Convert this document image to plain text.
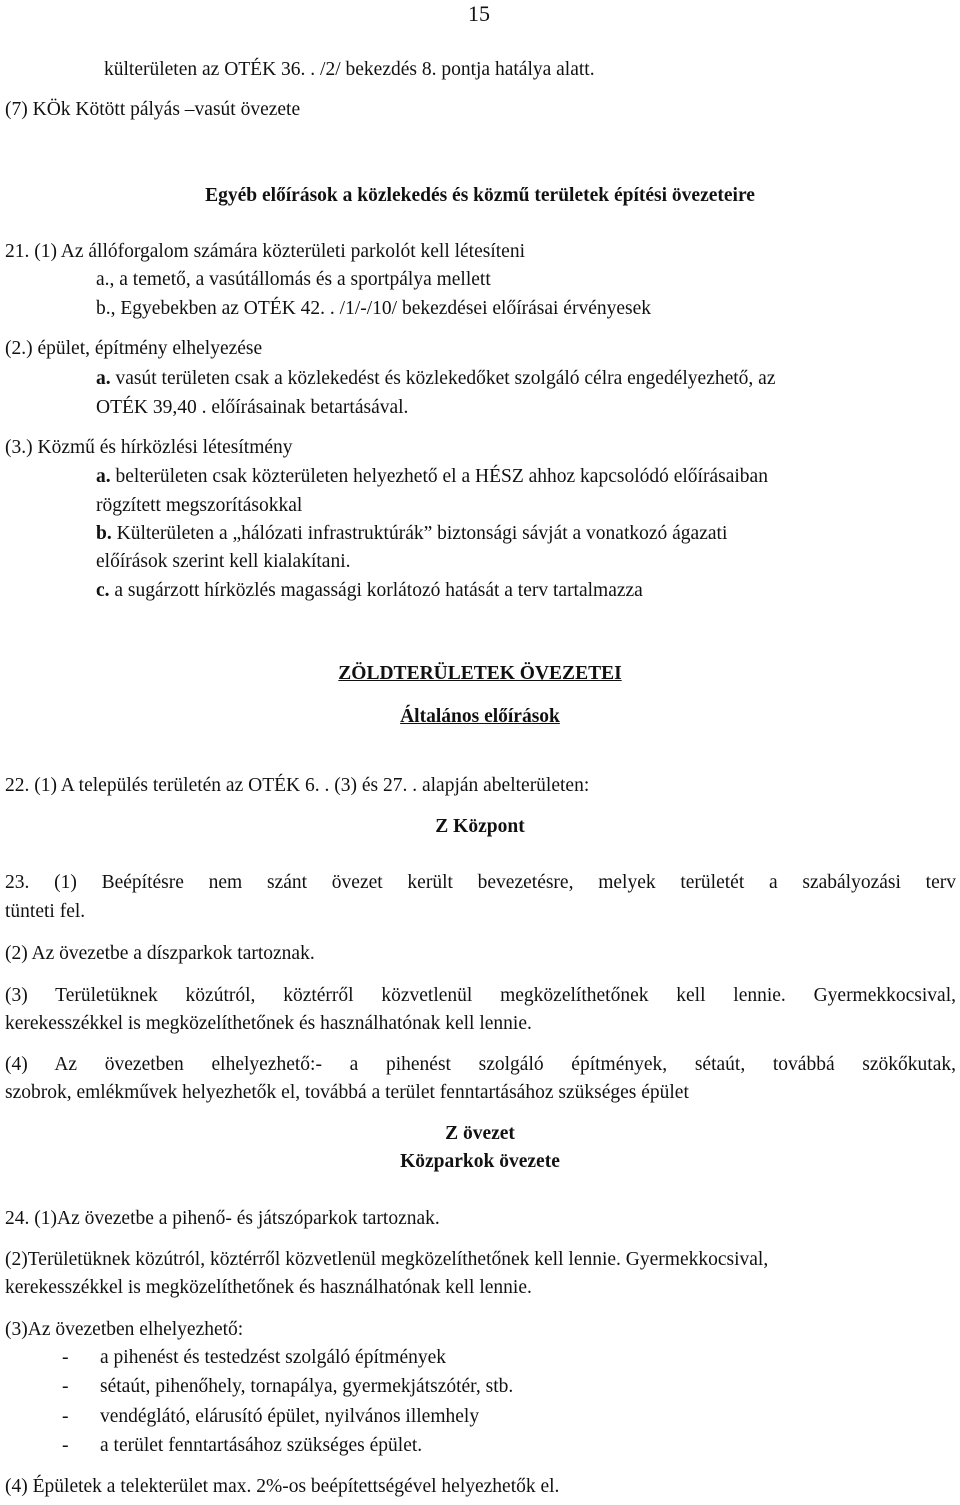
15
külterületen az OTÉK 36. . /2/ bekezdés 8. pontja hatálya alatt.
(7) KÖk Kötött pályás –vasút övezete
Egyéb előírások a közlekedés és közmű területek építési övezeteire
21. (1) Az állóforgalom számára közterületi parkolót kell létesíteni
a., a temető, a vasútállomás és a sportpálya mellett
b., Egyebekben az OTÉK 42. . /1/-/10/ bekezdései előírásai érvényesek
(2.) épület, építmény elhelyezése
a. vasút területen csak a közlekedést és közlekedőket szolgáló célra engedélyezhető, az
OTÉK 39,40 . előírásainak betartásával.
(3.) Közmű és hírközlési létesítmény
a. belterületen csak közterületen helyezhető el a HÉSZ ahhoz kapcsolódó előírásaiban
rögzített megszorításokkal
b. Külterületen a „hálózati infrastruktúrák” biztonsági sávját a vonatkozó ágazati
előírások szerint kell kialakítani.
c. a sugárzott hírközlés magassági korlátozó hatását a terv tartalmazza
ZÖLDTERÜLETEK ÖVEZETEI
Általános előírások
22. (1) A település területén az OTÉK 6. . (3) és 27. . alapján abelterületen:
Z Központ
23. (1) Beépítésre nem szánt övezet került bevezetésre, melyek területét a szabályozási terv
tünteti fel.
(2) Az övezetbe a díszparkok tartoznak.
(3) Területüknek közútról, köztérről közvetlenül megközelíthetőnek kell lennie. Gyermekkocsival,
kerekesszékkel is megközelíthetőnek és használhatónak kell lennie.
(4) Az övezetben elhelyezhető:- a pihenést szolgáló építmények, sétaút, továbbá szökőkutak,
szobrok, emlékművek helyezhetők el, továbbá a terület fenntartásához szükséges épület
Z övezet
Közparkok övezete
24. (1)Az övezetbe a pihenő- és játszóparkok tartoznak.
(2)Területüknek közútról, köztérről közvetlenül megközelíthetőnek kell lennie. Gyermekkocsival,
kerekesszékkel is megközelíthetőnek és használhatónak kell lennie.
(3)Az övezetben elhelyezhető:
- a pihenést és testedzést szolgáló építmények
- sétaút, pihenőhely, tornapálya, gyermekjátszótér, stb.
- vendéglátó, elárusító épület, nyilvános illemhely
- a terület fenntartásához szükséges épület.
(4) Épületek a telekterület max. 2%-os beépítettségével helyezhetők el.
